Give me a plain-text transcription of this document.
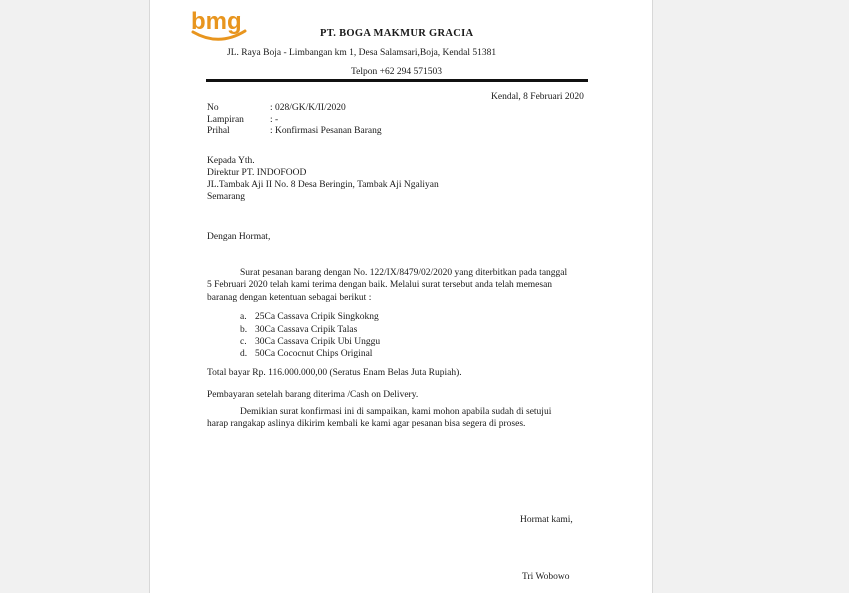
bmg	PT. BOGA MAKMUR GRACIA
JL. Raya Boja - Limbangan km 1, Desa Salamsari,Boja, Kendal 51381
Telpon +62 294 571503
Kendal, 8 Februari 2020
No	: 028/GK/K/II/2020
Lampiran	: -
Prihal	: Konfirmasi Pesanan Barang
Kepada Yth.
Direktur PT. INDOFOOD
JL.Tambak Aji II No. 8 Desa Beringin, Tambak Aji Ngaliyan
Semarang
Dengan Hormat,
Surat pesanan barang dengan No. 122/IX/8479/02/2020 yang diterbitkan pada tanggal
5 Februari 2020 telah kami terima dengan baik. Melalui surat tersebut anda telah memesan
baranag dengan ketentuan sebagai berikut :
a. 25Ca Cassava Cripik Singkokng
b. 30Ca Cassava Cripik Talas
c. 30Ca Cassava Cripik Ubi Unggu
d. 50Ca Cococnut Chips Original
Total bayar Rp. 116.000.000,00 (Seratus Enam Belas Juta Rupiah).
Pembayaran setelah barang diterima /Cash on Delivery.
Demikian surat konfirmasi ini di sampaikan, kami mohon apabila sudah di setujui
harap rangakap aslinya dikirim kembali ke kami agar pesanan bisa segera di proses.
Hormat kami,
Tri Wobowo
